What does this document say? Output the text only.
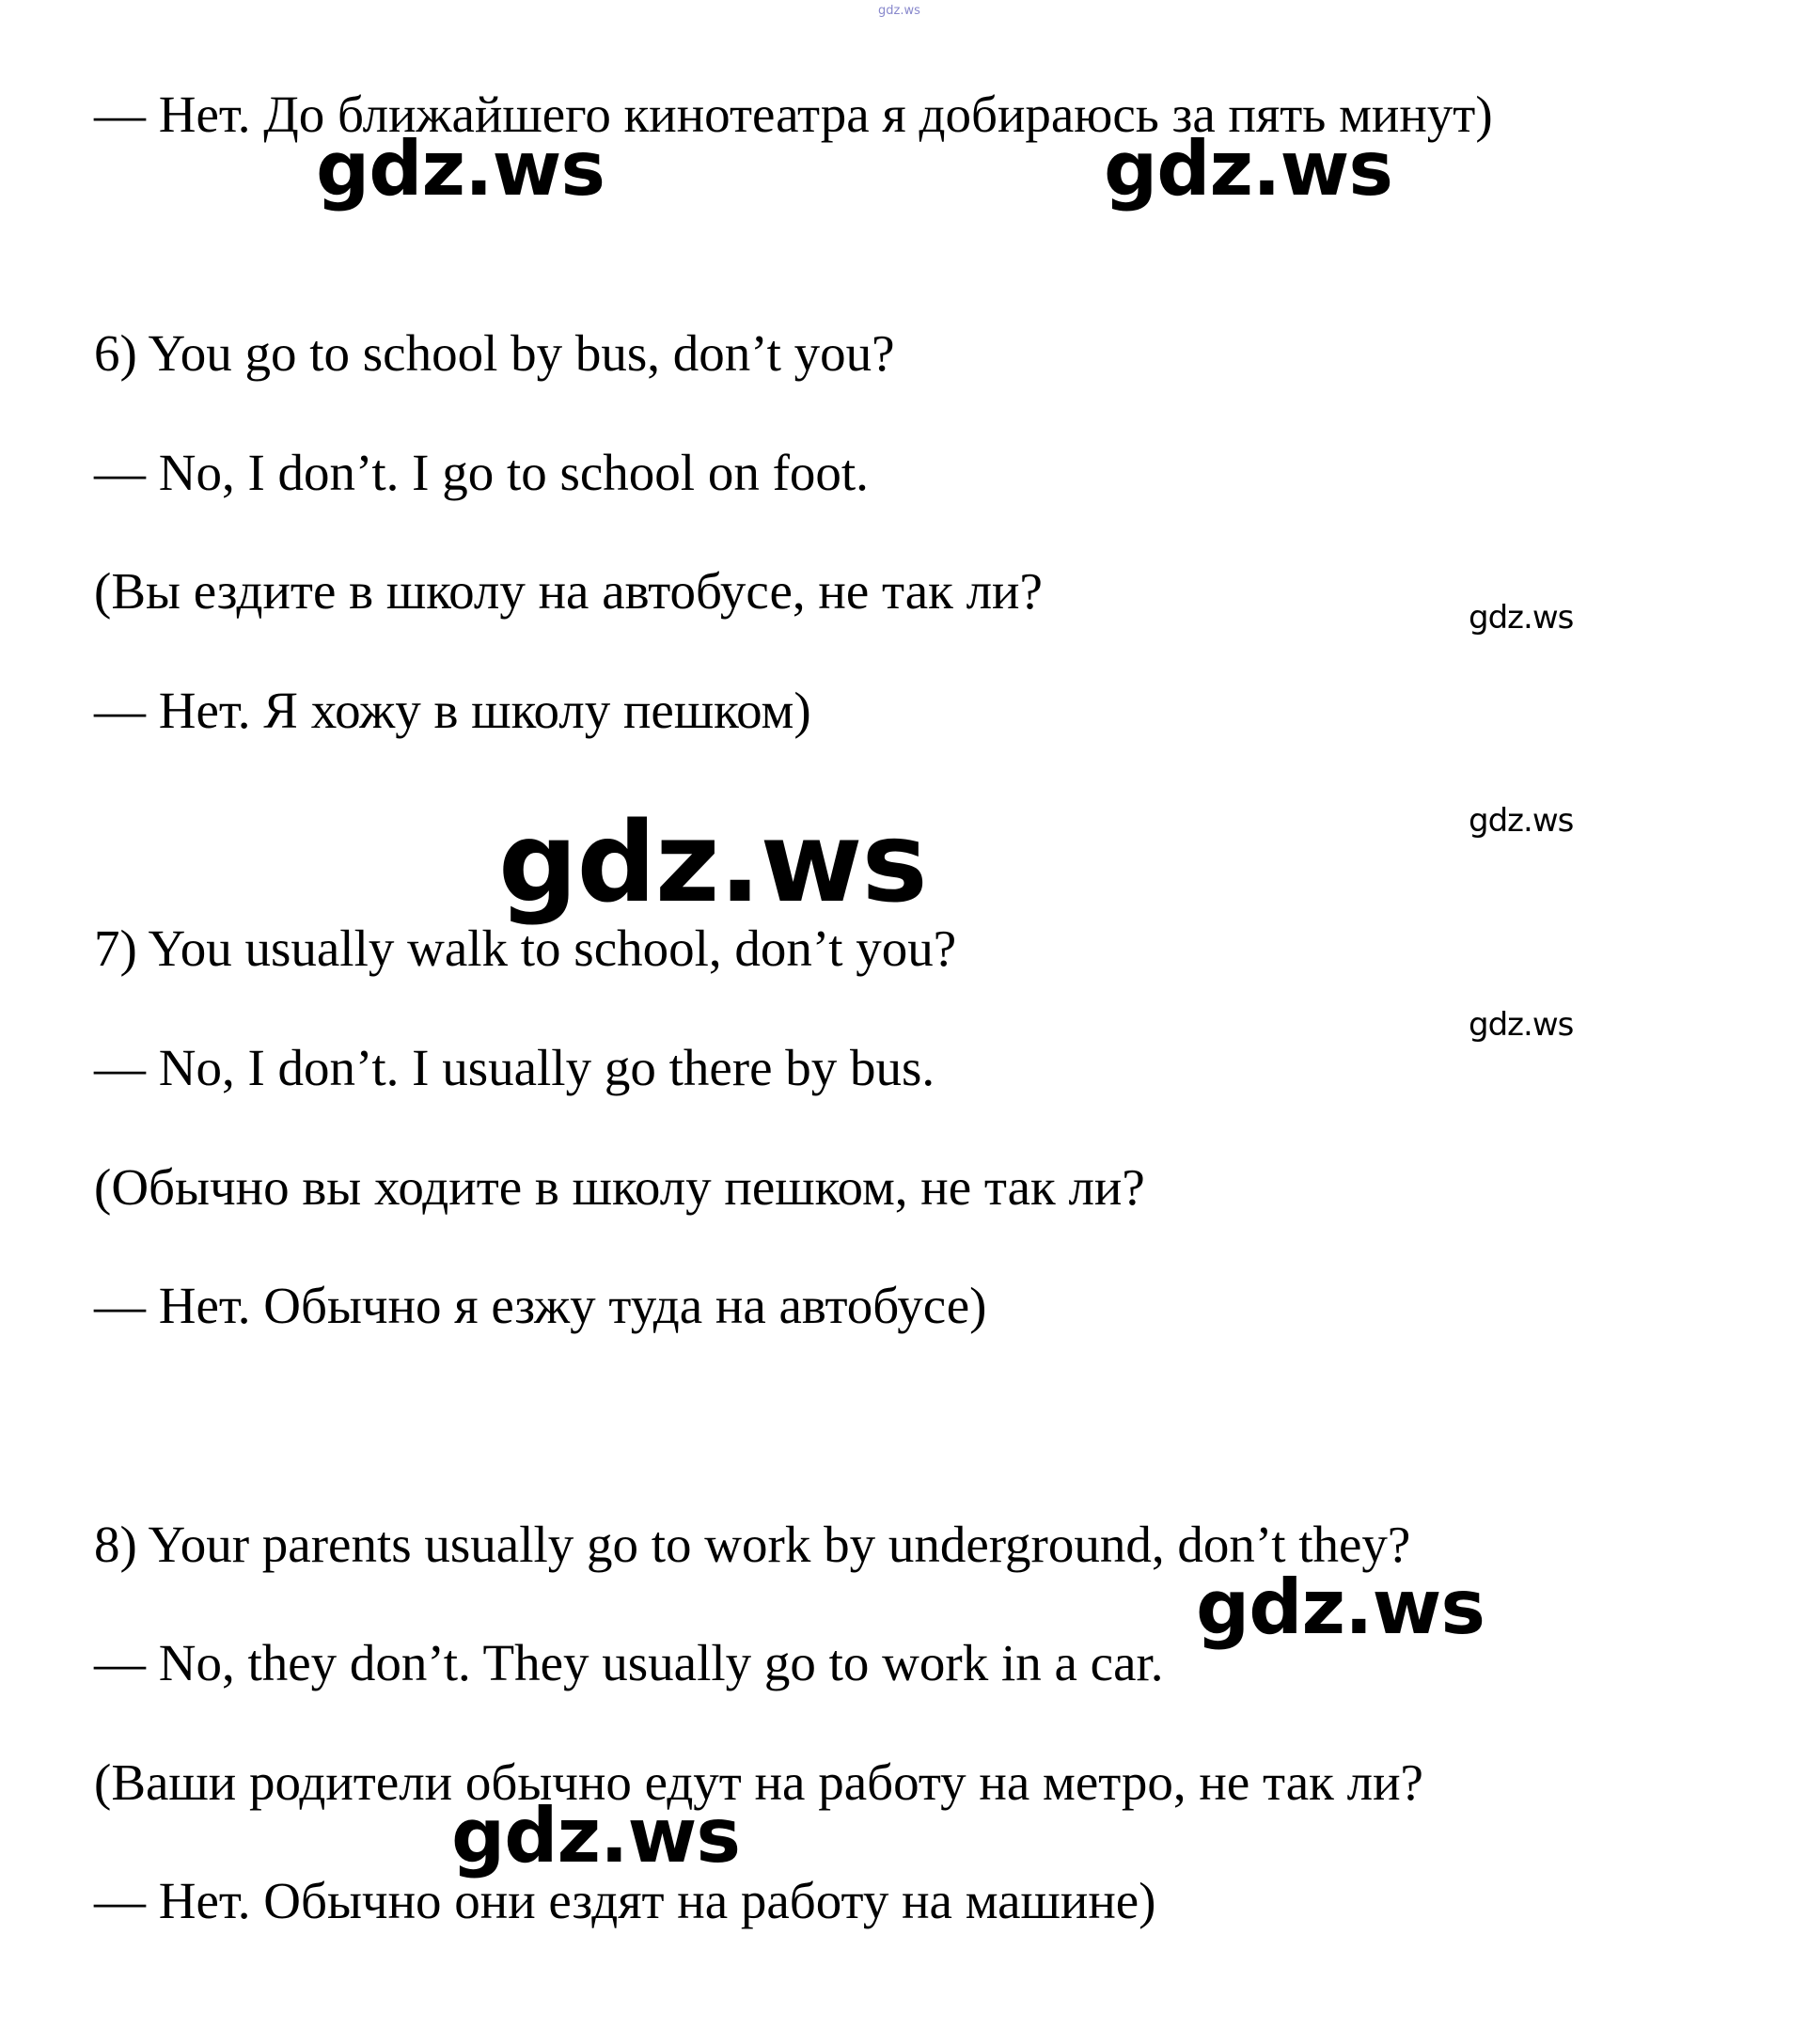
gdz.ws
— Нет. До ближайшего кинотеатра я добираюсь за пять минут)
6) You go to school by bus, don’t you?
— No, I don’t. I go to school on foot.
(Вы ездите в школу на автобусе, не так ли?
— Нет. Я хожу в школу пешком)
7) You usually walk to school, don’t you?
— No, I don’t. I usually go there by bus.
(Обычно вы ходите в школу пешком, не так ли?
— Нет. Обычно я езжу туда на автобусе)
8) Your parents usually go to work by underground, don’t they?
— No, they don’t. They usually go to work in a car.
(Ваши родители обычно едут на работу на метро, не так ли?
— Нет. Обычно они ездят на работу на машине)
gdz.ws	gdz.ws
gdz.ws
gdz.ws	gdz.ws
gdz.ws
gdz.ws
gdz.ws
